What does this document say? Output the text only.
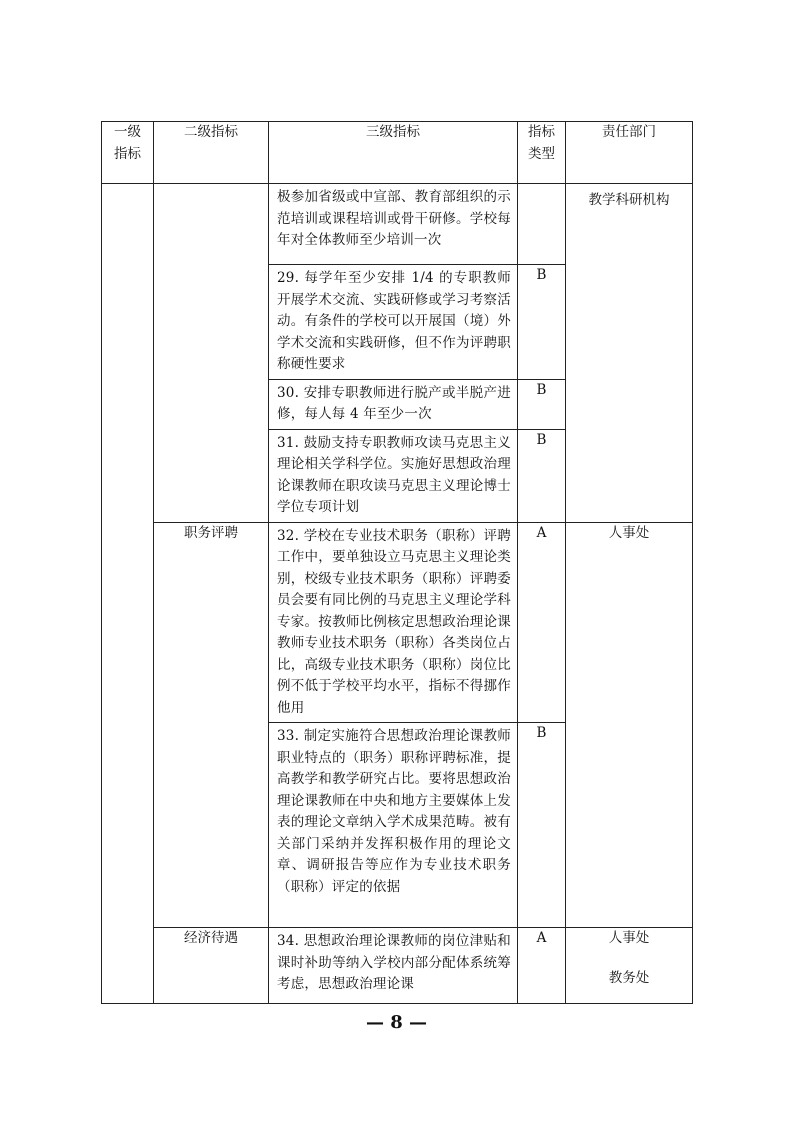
一级
指标	二级指标	三级指标	指标
类型	责任部门
		极参加省级或中宣部、教育部组织的示范培训或课程培训或骨干研修。学校每年对全体教师至少培训一次		教学科研机构
		29. 每学年至少安排 1/4 的专职教师开展学术交流、实践研修或学习考察活动。有条件的学校可以开展国（境）外学术交流和实践研修，但不作为评聘职称硬性要求	B	
		30. 安排专职教师进行脱产或半脱产进修，每人每 4 年至少一次	B	
		31. 鼓励支持专职教师攻读马克思主义理论相关学科学位。实施好思想政治理论课教师在职攻读马克思主义理论博士学位专项计划	B	
	职务评聘	32. 学校在专业技术职务（职称）评聘工作中，要单独设立马克思主义理论类别，校级专业技术职务（职称）评聘委员会要有同比例的马克思主义理论学科专家。按教师比例核定思想政治理论课教师专业技术职务（职称）各类岗位占比，高级专业技术职务（职称）岗位比例不低于学校平均水平，指标不得挪作他用	A	人事处
		33. 制定实施符合思想政治理论课教师职业特点的（职务）职称评聘标准，提高教学和教学研究占比。要将思想政治理论课教师在中央和地方主要媒体上发表的理论文章纳入学术成果范畴。被有关部门采纳并发挥积极作用的理论文章、调研报告等应作为专业技术职务（职称）评定的依据	B	
	经济待遇	34. 思想政治理论课教师的岗位津贴和课时补助等纳入学校内部分配体系统筹考虑，思想政治理论课	A	人事处
教务处
— 8 —
